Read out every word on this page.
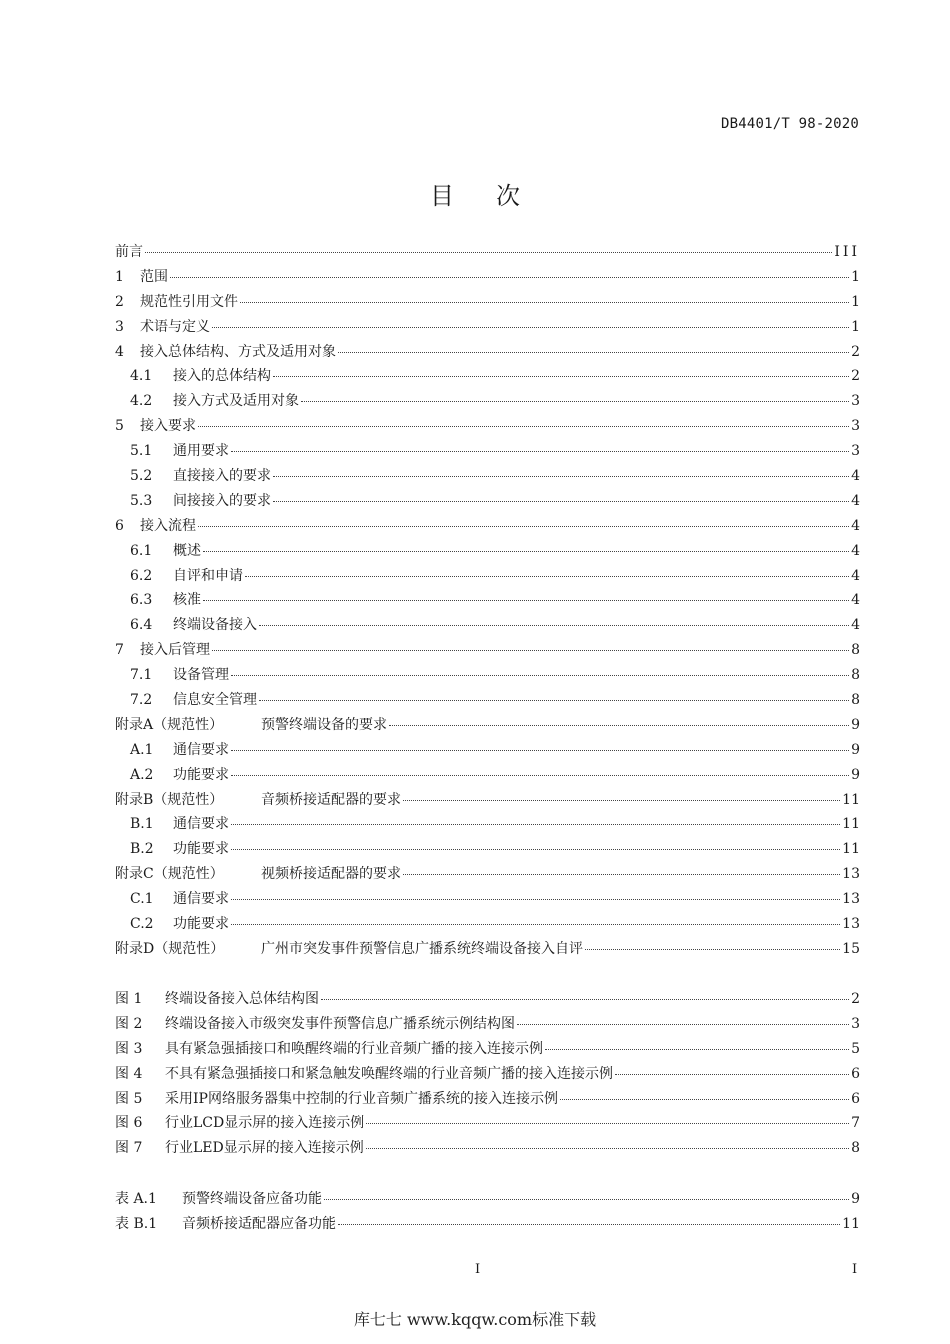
DB4401/T 98-2020
目次
前言	III
1	范围	1
2	规范性引用文件	1
3	术语与定义	1
4	接入总体结构、方式及适用对象	2
4.1	接入的总体结构	2
4.2	接入方式及适用对象	3
5	接入要求	3
5.1	通用要求	3
5.2	直接接入的要求	4
5.3	间接接入的要求	4
6	接入流程	4
6.1	概述	4
6.2	自评和申请	4
6.3	核准	4
6.4	终端设备接入	4
7	接入后管理	8
7.1	设备管理	8
7.2	信息安全管理	8
附录A（规范性）	预警终端设备的要求	9
A.1	通信要求	9
A.2	功能要求	9
附录B（规范性）	音频桥接适配器的要求	11
B.1	通信要求	11
B.2	功能要求	11
附录C（规范性）	视频桥接适配器的要求	13
C.1	通信要求	13
C.2	功能要求	13
附录D（规范性）	广州市突发事件预警信息广播系统终端设备接入自评	15
图 1	终端设备接入总体结构图	2
图 2	终端设备接入市级突发事件预警信息广播系统示例结构图	3
图 3	具有紧急强插接口和唤醒终端的行业音频广播的接入连接示例	5
图 4	不具有紧急强插接口和紧急触发唤醒终端的行业音频广播的接入连接示例	6
图 5	采用IP网络服务器集中控制的行业音频广播系统的接入连接示例	6
图 6	行业LCD显示屏的接入连接示例	7
图 7	行业LED显示屏的接入连接示例	8
表 A.1	预警终端设备应备功能	9
表 B.1	音频桥接适配器应备功能	11
I	I
库七七 www.kqqw.com标准下载
